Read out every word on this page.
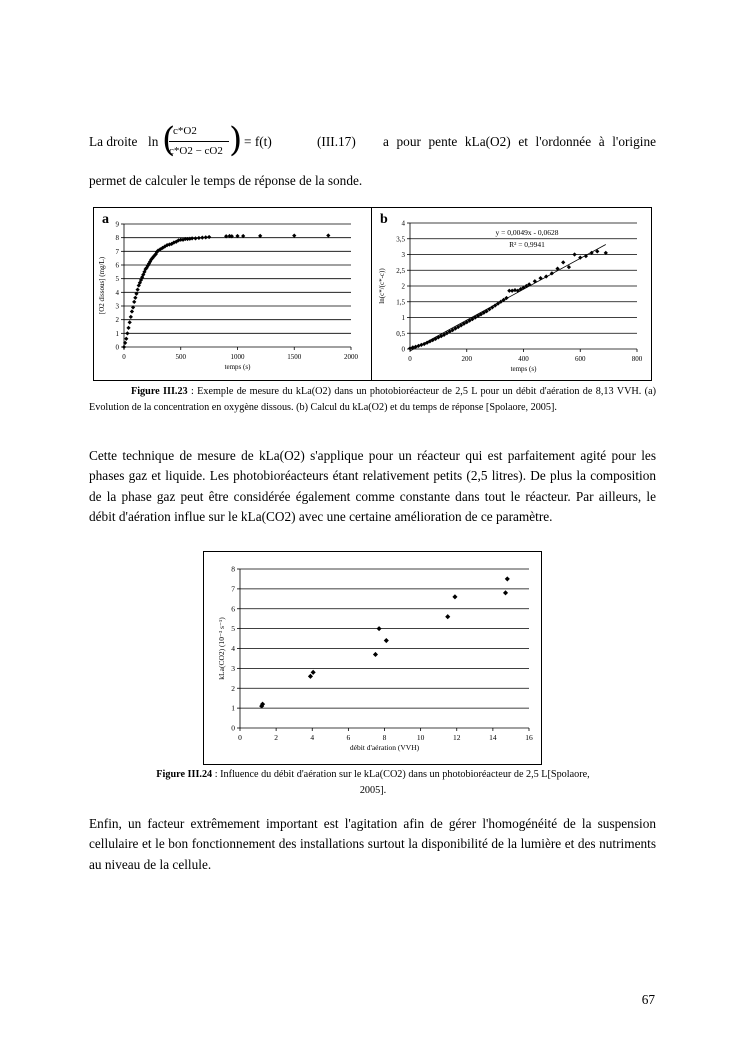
La droite ln (
c*O2
c*O2 − cO2 ) = f(t)	(III.17) a pour pente kLa(O2) et l'ordonnée à l'origine
permet de calculer le temps de réponse de la sonde.
0
1
2
3
4
5
6
7
8
9
0	500	1000	1500	2000
temps (s)
[O2 dissous] (mg/L)
a
0
0,5
1
1,5
2
2,5
3
3,5
4
0	200	400	600	800
temps (s)
ln(c*/(c*-c))
b
y = 0,0049x - 0,0628
R² = 0,9941
Figure III.23 : Exemple de mesure du kLa(O2) dans un photobioréacteur de 2,5 L pour un débit d'aération de 8,13 VVH. (a) Evolution de la concentration en oxygène dissous. (b) Calcul du kLa(O2) et du temps de réponse [Spolaore, 2005].
Cette technique de mesure de kLa(O2) s'applique pour un réacteur qui est parfaitement agité pour les phases gaz et liquide. Les photobioréacteurs étant relativement petits (2,5 litres). De plus la composition de la phase gaz peut être considérée également comme constante dans tout le réacteur. Par ailleurs, le débit d'aération influe sur le kLa(CO2) avec une certaine amélioration de ce paramètre.
0
1
2
3
4
5
6
7
8
0	2	4	6	8	10	12	14	16
débit d'aération (VVH)
kLa(CO2) (10⁻³ s⁻¹)
Figure III.24 : Influence du débit d'aération sur le kLa(CO2) dans un photobioréacteur de 2,5 L[Spolaore, 2005].
Enfin, un facteur extrêmement important est l'agitation afin de gérer l'homogénéité de la suspension cellulaire et le bon fonctionnement des installations surtout la disponibilité de la lumière et des nutriments au niveau de la cellule.
67
